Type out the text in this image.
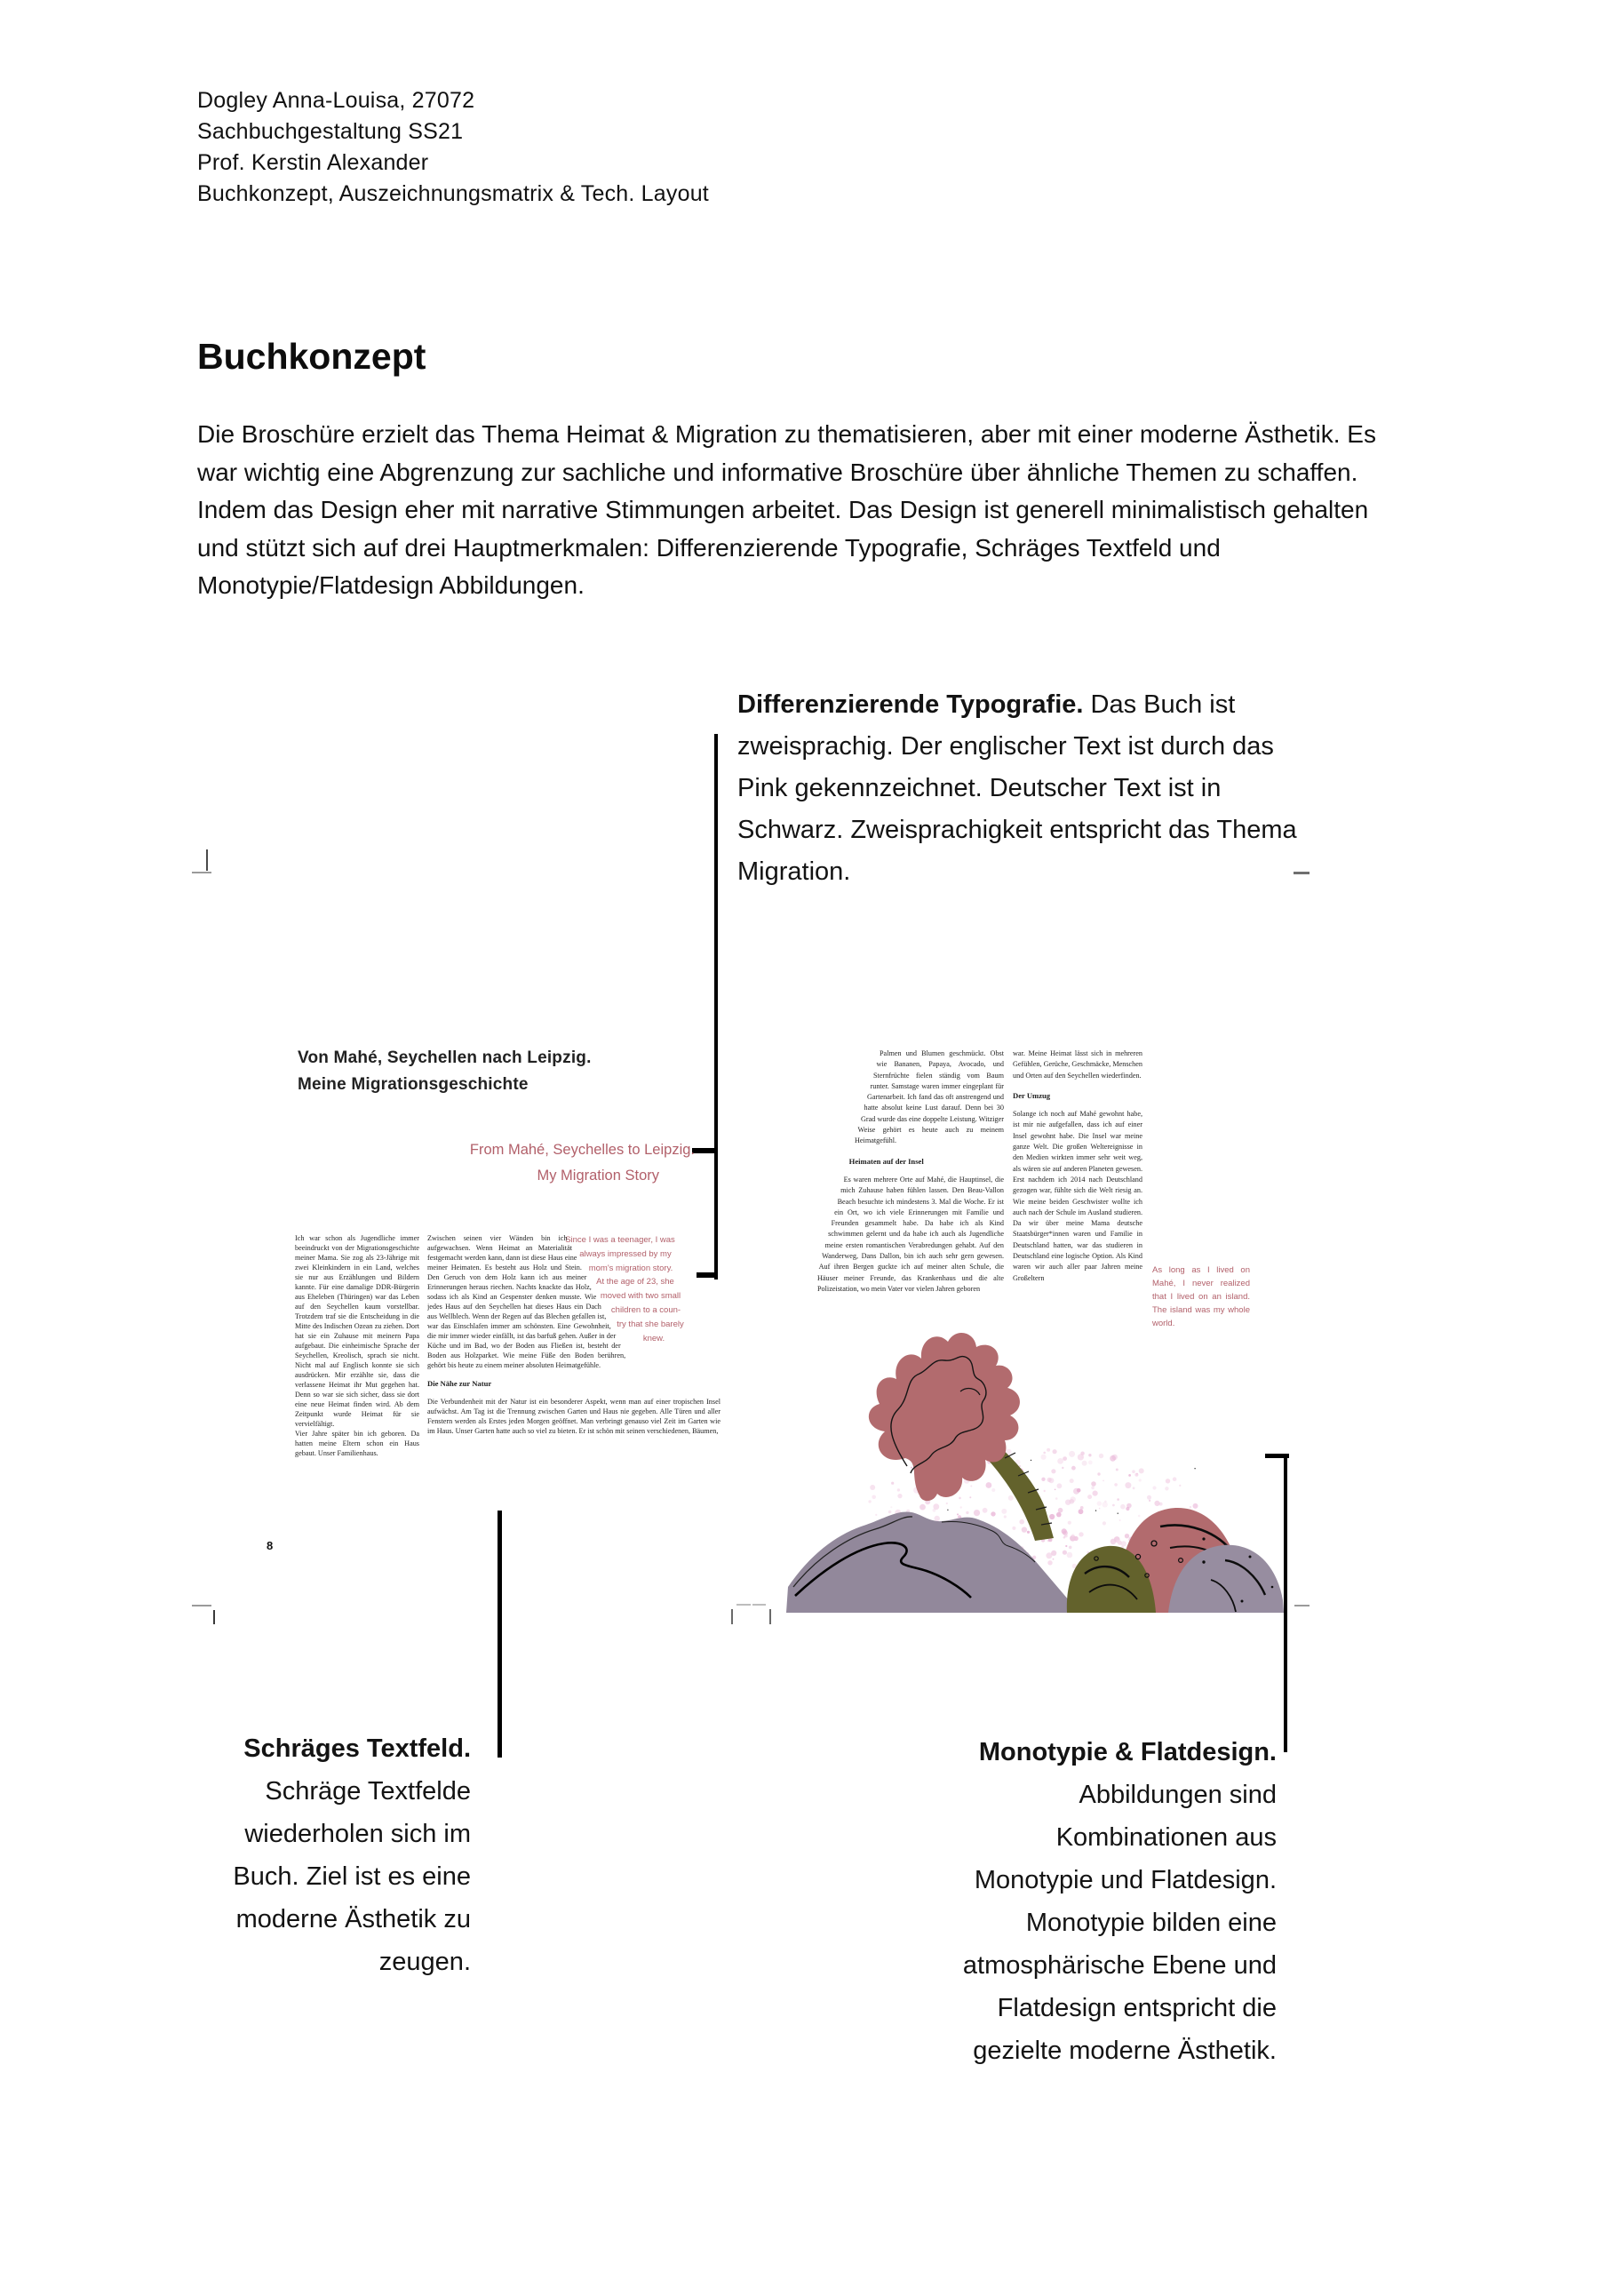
Dogley Anna-Louisa, 27072
Sachbuchgestaltung SS21
Prof. Kerstin Alexander
Buchkonzept, Auszeichnungsmatrix & Tech. Layout
Buchkonzept
Die Broschüre erzielt das Thema Heimat & Migration zu thematisieren, aber mit einer moderne Ästhetik. Es war wichtig eine Abgrenzung zur sachliche und informative Broschüre über ähnliche Themen zu schaffen. Indem das Design eher mit narrative Stimmungen arbeitet. Das Design ist generell minimalistisch gehalten und stützt sich auf drei Hauptmerkmalen: Differenzierende Typografie, Schräges Textfeld und Monotypie/Flatdesign Abbildungen.
Differenzierende Typografie. Das Buch ist zweisprachig. Der englischer Text ist durch das Pink gekennzeichnet. Deutscher Text ist in Schwarz. Zweisprachigkeit entspricht das Thema Migration.
Von Mahé, Seychellen nach Leipzig.
Meine Migrationsgeschichte
From Mahé, Seychelles to Leipzig.
My Migration Story

Ich war schon als Jugendliche immer beeindruckt von der Migrationsgeschichte meiner Mama. Sie zog als 23-Jährige mit zwei Kleinkindern in ein Land, welches sie nur aus Erzählungen und Bildern kannte. Für eine damalige DDR-Bürgerin aus Eheleben (Thüringen) war das Leben auf den Seychellen kaum vorstellbar. Trotzdem traf sie die Entscheidung in die Mitte des Indischen Ozean zu ziehen. Dort hat sie ein Zuhause mit meinern Papa aufgebaut. Die einheimische Sprache der Seychellen, Kreolisch, sprach sie nicht. Nicht mal auf Englisch konnte sie sich ausdrücken. Mir erzählte sie, dass die verlassene Heimat ihr Mut gegehen hat. Denn so war sie sich sicher, dass sie dort eine neue Heimat finden wird. Ab dem Zeitpunkt wurde Heimat für sie vervielfältigt.

Vier Jahre später bin ich geboren. Da hatten meine Eltern schon ein Haus gebaut. Unser Familienhaus.

Since I was a teenager, I was
always impressed by my
mom's migration story.
At the age of 23, she
moved with two small
children to a coun-
try that she barely
knew.

Zwischen seinen vier Wänden bin ich aufgewachsen. Wenn Heimat an Materialität festgemacht werden kann, dann ist diese Haus eine meiner Heimaten. Es besteht aus Holz und Stein. Den Geruch von dem Holz kann ich aus meiner Erinnerungen heraus riechen. Nachts knackte das Holz, sodass ich als Kind an Gespenster denken musste. Wie jedes Haus auf den Seychellen hat dieses Haus ein Dach aus Wellblech. Wenn der Regen auf das Blechen gefallen ist, war das Einschlafen immer am schönsten. Eine Gewohnheit, die mir immer wieder einfällt, ist das barfuß gehen. Außer in der Küche und im Bad, wo der Boden aus Fließen ist, besteht der Boden aus Holzparket. Wie meine Füße den Boden berühren, gehört bis heute zu einem meiner absoluten Heimatgefühle.

Die Nähe zur Natur

Die Verbundenheit mit der Natur ist ein besonderer Aspekt, wenn man auf einer tropischen Insel aufwächst. Am Tag ist die Trennung zwischen Garten und Haus nie gegeben. Alle Türen und aller Fenstern werden als Erstes jeden Morgen geöffnet. Man verbringt genauso viel Zeit im Garten wie im Haus. Unser Garten hatte auch so viel zu bieten. Er ist schön mit seinen verschiedenen, Bäumen,

8

Palmen und Blumen geschmückt. Obst wie Bananen, Papaya, Avocado, und Sternfrüchte fielen ständig vom Baum runter. Samstage waren immer eingeplant für Gartenarbeit. Ich fand das oft anstrengend und hatte absolut keine Lust darauf. Denn bei 30 Grad wurde das eine doppelte Leistung. Witziger Weise gehört es heute auch zu meinem Heimatgefühl.

Heimaten auf der Insel

Es waren mehrere Orte auf Mahé, die Hauptinsel, die mich Zuhause haben fühlen lassen. Den Beau-Vallon Beach besuchte ich mindestens 3. Mal die Woche. Er ist ein Ort, wo ich viele Erinnerungen mit Familie und Freunden gesammelt habe. Da habe ich als Kind schwimmen gelernt und da habe ich auch als Jugendliche meine ersten romantischen Verabredungen gehabt. Auf den Wanderweg, Dans Dallon, bin ich auch sehr gern gewesen. Auf ihren Bergen guckte ich auf meiner alten Schule, die Häuser meiner Freunde, das Krankenhaus und die alte Polizeistation, wo mein Vater vor vielen Jahren geboren

war. Meine Heimat lässt sich in mehreren Gefühlen, Gerüche, Geschmäcke, Menschen und Orten auf den Seychellen wiederfinden.

Der Umzug

Solange ich noch auf Mahé gewohnt habe, ist mir nie aufgefallen, dass ich auf einer Insel gewohnt habe. Die Insel war meine ganze Welt. Die großen Weltereignisse in den Medien wirkten immer sehr weit weg, als wären sie auf anderen Planeten gewesen. Erst nachdem ich 2014 nach Deutschland gezogen war, fühlte sich die Welt riesig an. Wie meine beiden Geschwister wollte ich auch nach der Schule im Ausland studieren. Da wir über meine Mama deutsche Staatsbürger*innen waren und Familie in Deutschland hatten, war das studieren in Deutschland eine logische Option. Als Kind waren wir auch aller paar Jahren meine Großeltern

As long as I lived on Mahé, I never realized that I lived on an island. The island was my whole world.
Schräges Textfeld.
Schräge Textfelde wiederholen sich im Buch. Ziel ist es eine moderne Ästhetik zu zeugen.
Monotypie & Flatdesign.
Abbildungen sind Kombinationen aus Monotypie und Flatdesign. Monotypie bilden eine atmosphärische Ebene und Flatdesign entspricht die gezielte moderne Ästhetik.
